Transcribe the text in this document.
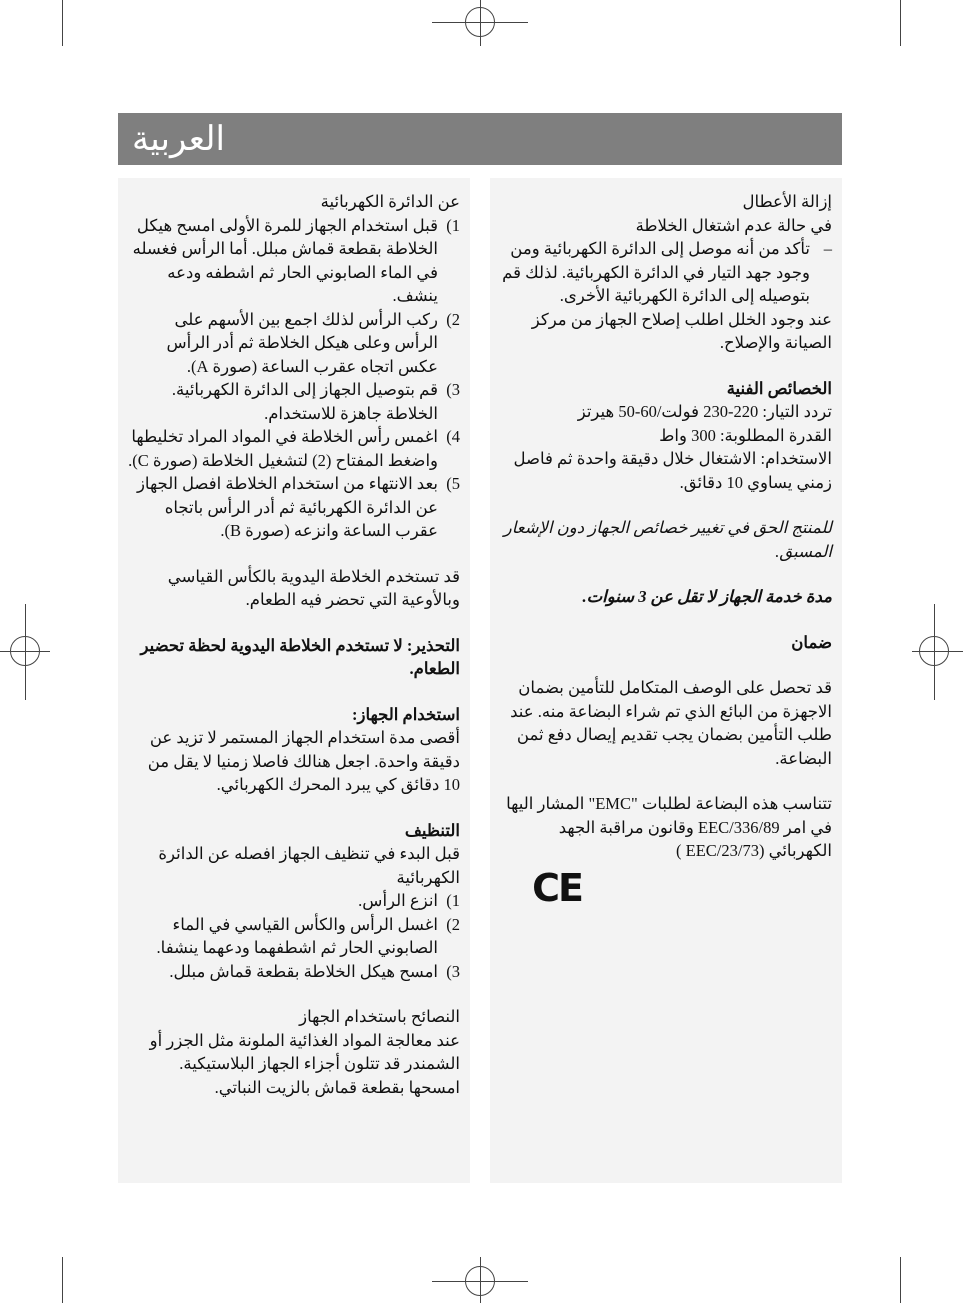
العربية

عن الدائرة الكهربائية

1)
قبل استخدام الجهاز للمرة الأولى امسح هيكل الخلاطة بقطعة قماش مبلل. أما الرأس فغسله في الماء الصابوني الحار ثم اشطفه ودعه ينشف.
2)
ركب الرأس لذلك اجمع بين الأسهم على الرأس وعلى هيكل الخلاطة ثم أدر الرأس عكس اتجاه عقرب الساعة (صورة A).
3)
قم بتوصيل الجهاز إلى الدائرة الكهربائية. الخلاطة جاهزة للاستخدام.
4)
اغمس رأس الخلاطة في المواد المراد تخليطها واضغط المفتاح (2) لتشغيل الخلاطة (صورة C).
5)
بعد الانتهاء من استخدام الخلاطة افصل الجهاز عن الدائرة الكهربائية ثم أدر الرأس باتجاه عقرب الساعة وانزعه (صورة B).

قد تستخدم الخلاطة اليدوية بالكأس القياسي وبالأوعية التي تحضر فيه الطعام.

التحذير: لا تستخدم الخلاطة اليدوية لحظة تحضير الطعام.

استخدام الجهاز:

أقصى مدة استخدام الجهاز المستمر لا تزيد عن دقيقة واحدة. اجعل هنالك فاصلا زمنيا لا يقل من 10 دقائق كي يبرد المحرك الكهربائي.

التنظيف

قبل البدء في تنظيف الجهاز افصله عن الدائرة الكهربائية

1)
انزع الرأس.
2)
اغسل الرأس والكأس القياسي في الماء الصابوني الحار ثم اشطفهما ودعهما ينشفا.
3)
امسح هيكل الخلاطة بقطعة قماش مبلل.

النصائح باستخدام الجهاز

عند معالجة المواد الغذائية الملونة مثل الجزر أو الشمندر قد تتلون أجزاء الجهاز البلاستيكية. امسحها بقطعة قماش بالزيت النباتي.

إزالة الأعطال

في حالة عدم اشتغال الخلاطة

–
تأكد من أنه موصل إلى الدائرة الكهربائية ومن وجود جهد التيار في الدائرة الكهربائية. لذلك قم بتوصيله إلى الدائرة الكهربائية الأخرى.

عند وجود الخلل اطلب إصلاح الجهاز من مركز الصيانة والإصلاح.

الخصائص الفنية

تردد التيار: 220-230 فولت/60-50 هيرتز

القدرة المطلوبة: 300 واط

الاستخدام: الاشتغال خلال دقيقة واحدة ثم فاصل زمني يساوي 10 دقائق.

للمنتج الحق في تغيير خصائص الجهاز دون الإشعار المسبق.

مدة خدمة الجهاز لا تقل عن 3 سنوات.

ضمان

قد تحصل على الوصف المتكامل للتأمين بضمان الاجهزة من البائع الذي تم شراء البضاعة منه. عند طلب التأمين بضمان يجب تقديم إيصال دفع ثمن البضاعة.

تتناسب هذه البضاعة لطلبات "EMC" المشار اليها في امر EEC/336/89 وقانون مراقبة الجهد الكهربائي (EEC/23/73 )

CE
